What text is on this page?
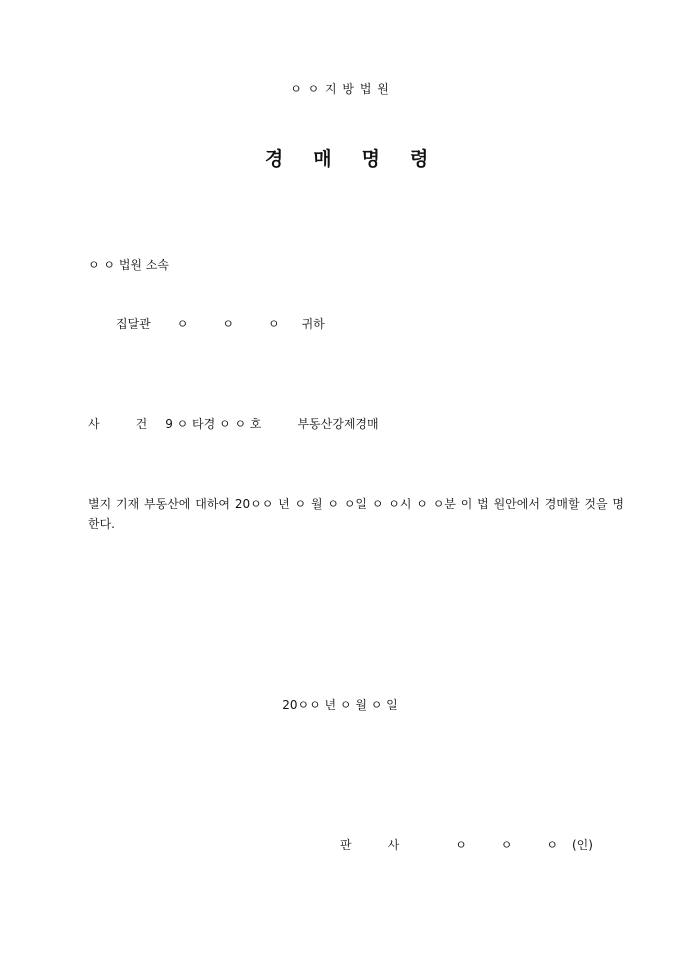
ㅇ ㅇ 지 방 법 원

경 매 명 령

ㅇ ㅇ 법원 소속
집달관 ㅇ	ㅇ	ㅇ 귀하
사	건 9 ㅇ 타경 ㅇ ㅇ 호	부동산강제경매
별지 기재 부동산에 대하여 20ㅇㅇ 년 ㅇ 월 ㅇ ㅇ일 ㅇ ㅇ시 ㅇ ㅇ분 이 법 원안에서 경매할 것을 명한다.
20ㅇㅇ 년 ㅇ 월 ㅇ 일
판	사	ㅇ	ㅇ	ㅇ (인)
